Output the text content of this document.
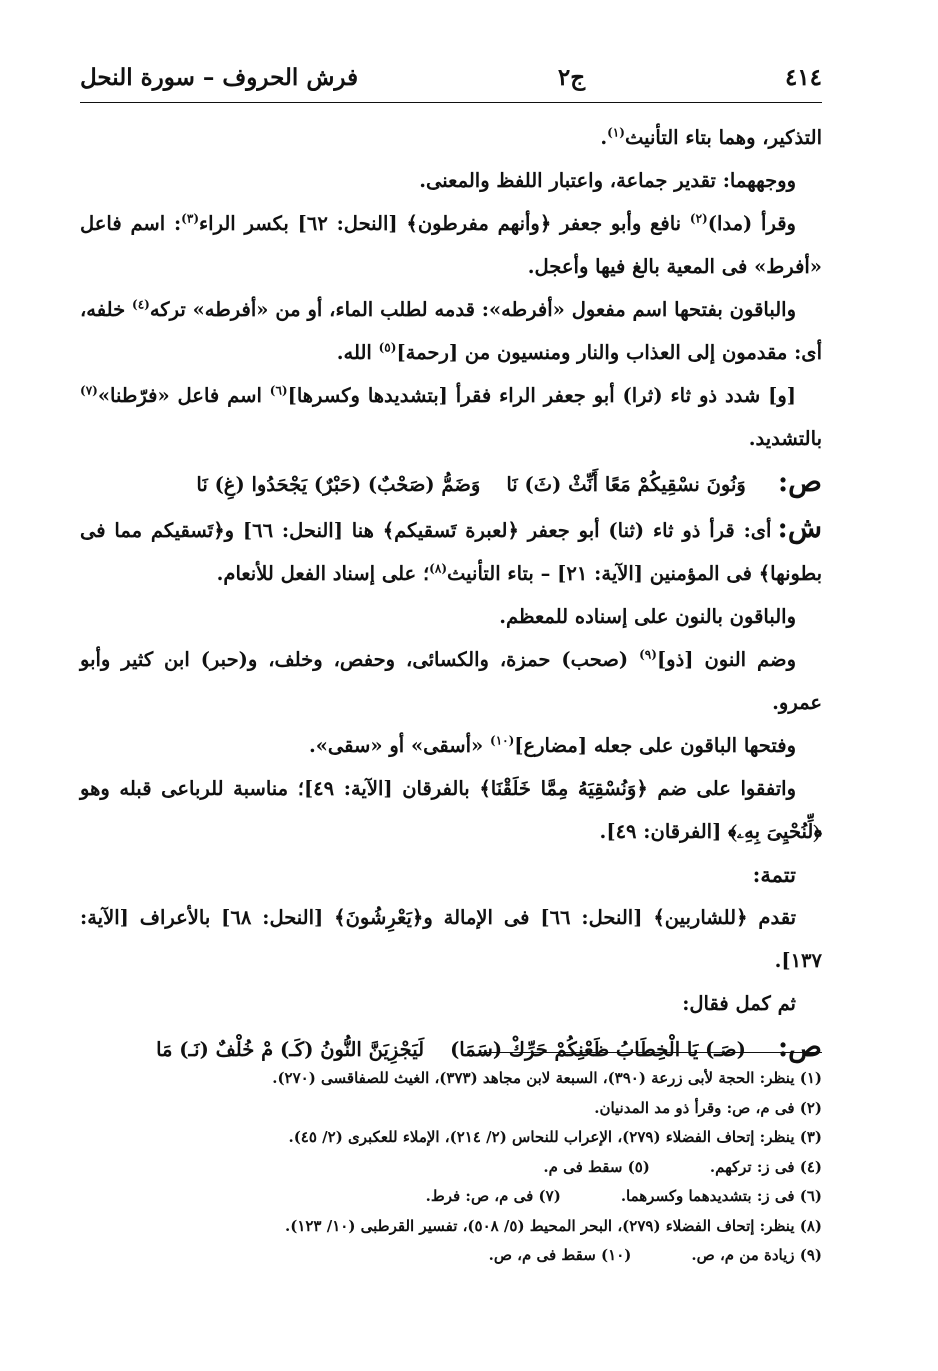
٤١٤
ج٢
فرش الحروف – سورة النحل

التذكير، وهما بتاء التأنيث$^{(١)}$.

ووجههما: تقدير جماعة، واعتبار اللفظ والمعنى.

وقرأ (مدا)$^{(٢)}$ نافع وأبو جعفر ﴿وأنهم مفرطون﴾ [النحل: ٦٢] بكسر الراء$^{(٣)}$: اسم فاعل «أفرط» فى المعية بالغ فيها وأعجل.

والباقون بفتحها اسم مفعول «أفرطه»: قدمه لطلب الماء، أو من «أفرطه» تركه$^{(٤)}$ خلفه، أى: مقدمون إلى العذاب والنار ومنسيون من [رحمة]$^{(٥)}$ الله.

[و] شدد ذو ثاء (ثرا) أبو جعفر الراء فقرأ [بتشديدها وكسرها]$^{(٦)}$ اسم فاعل «فرّطنا»$^{(٧)}$ بالتشديد.

ص:
وَنُونَ نسْقِيكُمْ مَعًا أَنِّثْ (ثَ) نَا
وَضَمُّ (صَحْبٌ) (حَبْرٌ) يَجْحَدُوا (غِ) نَا

ش:أى: قرأ ذو ثاء (ثنا) أبو جعفر ﴿لعبرة تَسقيكم﴾ هنا [النحل: ٦٦] و﴿تَسقيكم مما فى بطونها﴾ فى المؤمنين [الآية: ٢١] – بتاء التأنيث$^{(٨)}$؛ على إسناد الفعل للأنعام.

والباقون بالنون على إسناده للمعظم.

وضم النون [ذو]$^{(٩)}$ (صحب) حمزة، والكسائى، وحفص، وخلف، و(حبر) ابن كثير وأبو عمرو.

وفتحها الباقون على جعله [مضارع]$^{(١٠)}$ «أسقى» أو «سقى».

واتفقوا على ضم ﴿وَنُسْقِيَهُ مِمَّا خَلَقْنَا﴾ بالفرقان [الآية: ٤٩]؛ مناسبة للرباعى قبله وهو ﴿لِّنُحْيِىَ بِهِۦ﴾ [الفرقان: ٤٩].

تتمة:

تقدم ﴿للشاربين﴾ [النحل: ٦٦] فى الإمالة و﴿يَعْرِشُونَ﴾ [النحل: ٦٨] بالأعراف [الآية: ١٣٧].

ثم كمل فقال:

ص:
(صَـ) يَا الْخِطَابُ ظَعْنِكُمْ حَرِّكْ (سَمَا)
لَيَجْزِيَنَّ النُّونُ (كَـ) مْ خُلْفٌ (نَـ) مَا

(١) ينظر: الحجة لأبى زرعة (٣٩٠)، السبعة لابن مجاهد (٣٧٣)، الغيث للصفاقسى (٢٧٠).
(٢) فى م، ص: وقرأ ذو مد المدنيان.
(٣) ينظر: إتحاف الفضلاء (٢٧٩)، الإعراب للنحاس (٢/ ٢١٤)، الإملاء للعكبرى (٢/ ٤٥).
(٤) فى ز: تركهم.
(٥) سقط فى م.
(٦) فى ز: بتشديدهما وكسرهما.
(٧) فى م، ص: فرط.
(٨) ينظر: إتحاف الفضلاء (٢٧٩)، البحر المحيط (٥/ ٥٠٨)، تفسير القرطبى (١٠/ ١٢٣).
(٩) زيادة من م، ص.
(١٠) سقط فى م، ص.
